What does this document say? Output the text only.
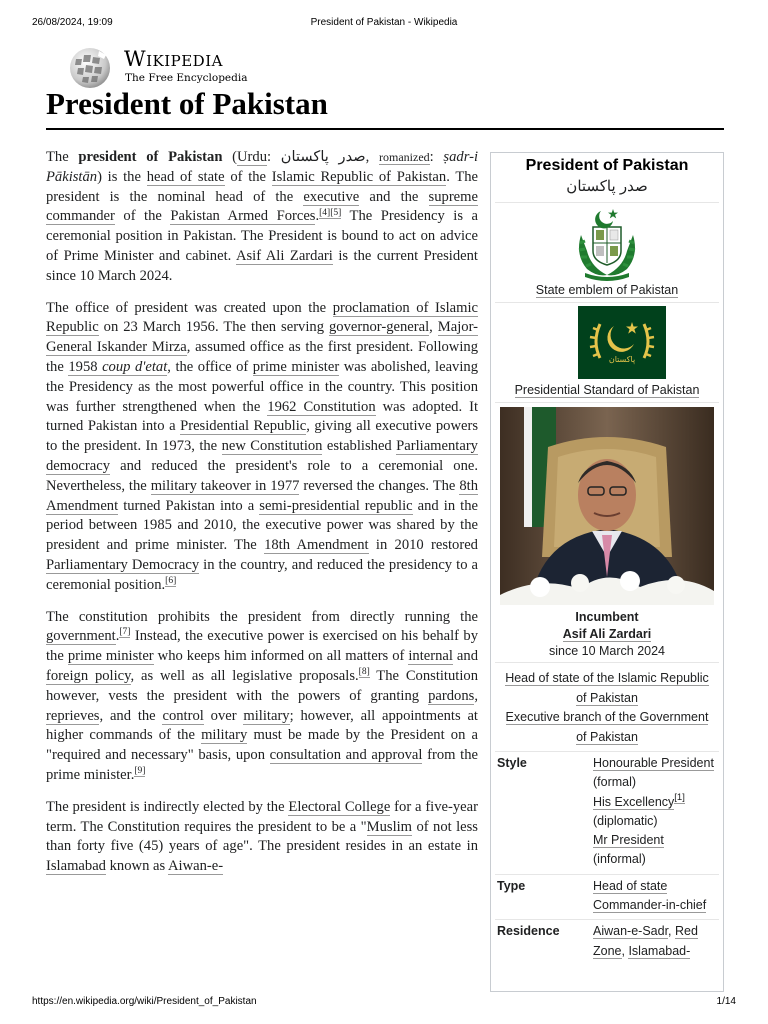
26/08/2024, 19:09	President of Pakistan - Wikipedia
Wikipedia
The Free Encyclopedia
President of Pakistan

The president of Pakistan (Urdu: صدر پاکستان, romanized: ṣadr-i Pākistān) is the head of state of the Islamic Republic of Pakistan. The president is the nominal head of the executive and the supreme commander of the Pakistan Armed Forces.[4][5] The Presidency is a ceremonial position in Pakistan. The President is bound to act on advice of Prime Minister and cabinet. Asif Ali Zardari is the current President since 10 March 2024.

The office of president was created upon the proclamation of Islamic Republic on 23 March 1956. The then serving governor-general, Major-General Iskander Mirza, assumed office as the first president. Following the 1958 coup d'etat, the office of prime minister was abolished, leaving the Presidency as the most powerful office in the country. This position was further strengthened when the 1962 Constitution was adopted. It turned Pakistan into a Presidential Republic, giving all executive powers to the president. In 1973, the new Constitution established Parliamentary democracy and reduced the president's role to a ceremonial one. Nevertheless, the military takeover in 1977 reversed the changes. The 8th Amendment turned Pakistan into a semi-presidential republic and in the period between 1985 and 2010, the executive power was shared by the president and prime minister. The 18th Amendment in 2010 restored Parliamentary Democracy in the country, and reduced the presidency to a ceremonial position.[6]

The constitution prohibits the president from directly running the government.[7] Instead, the executive power is exercised on his behalf by the prime minister who keeps him informed on all matters of internal and foreign policy, as well as all legislative proposals.[8] The Constitution however, vests the president with the powers of granting pardons, reprieves, and the control over military; however, all appointments at higher commands of the military must be made by the President on a "required and necessary" basis, upon consultation and approval from the prime minister.[9]

The president is indirectly elected by the Electoral College for a five-year term. The Constitution requires the president to be a "Muslim of not less than forty five (45) years of age". The president resides in an estate in Islamabad known as Aiwan-e-

President of Pakistan
صدر پاکستان
State emblem of Pakistan
پاکستان
Presidential Standard of Pakistan
Incumbent
Asif Ali Zardari
since 10 March 2024
Head of state of the Islamic Republic of Pakistan
Executive branch of the Government of Pakistan
Style	Honourable President
(formal)
His Excellency[1]
(diplomatic)
Mr President
(informal)
Type	Head of state
Commander-in-chief
Residence	Aiwan-e-Sadr, Red Zone, Islamabad-
https://en.wikipedia.org/wiki/President_of_Pakistan	1/14
